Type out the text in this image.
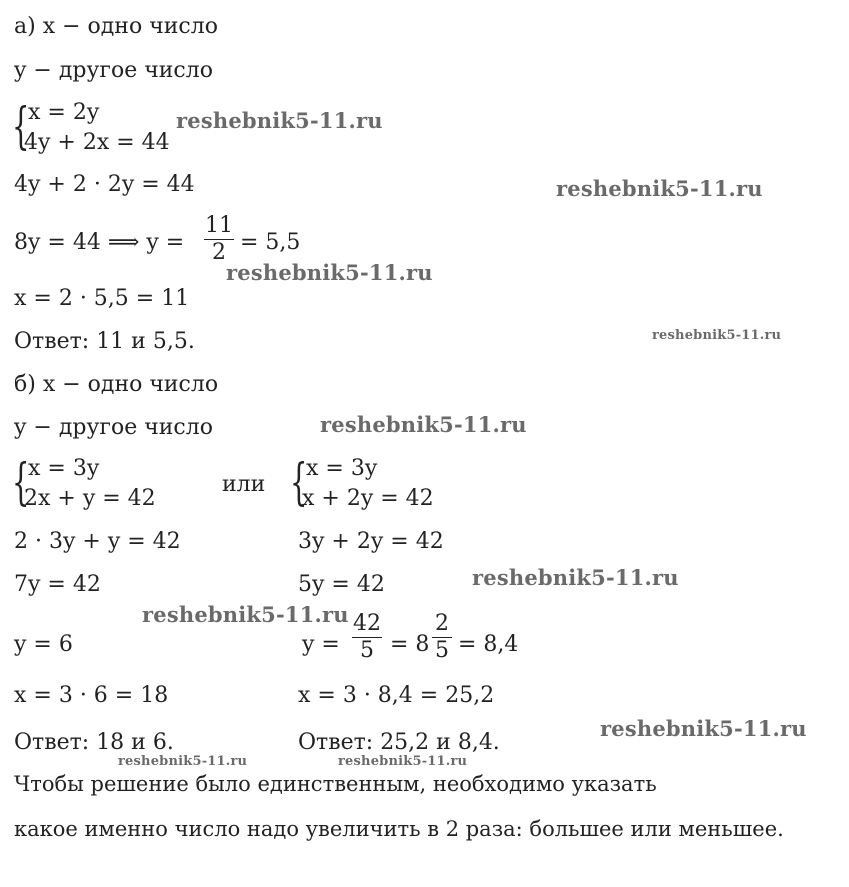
а) x − одно число
y − другое число
{
x = 2y
4y + 2x = 44
4y + 2 · 2y = 44
8y = 44 ⟹ y =
11
2 = 5,5
x = 2 · 5,5 = 11
Ответ: 11 и 5,5.
б) x − одно число
y − другое число
{
x = 3y
2x + y = 42
или {
x = 3y
x + 2y = 42
2 · 3y + y = 42	3y + 2y = 42
7y = 42	5y = 42
y = 6	y =
42
5 = 8
2
5 = 8,4
x = 3 · 6 = 18	x = 3 · 8,4 = 25,2
Ответ: 18 и 6.	Ответ: 25,2 и 8,4.
Чтобы решение было единственным, необходимо указать
какое именно число надо увеличить в 2 раза: большее или меньшее.
reshebnik5-11.ru
reshebnik5-11.ru
reshebnik5-11.ru
reshebnik5-11.ru
reshebnik5-11.ru
reshebnik5-11.ru
reshebnik5-11.ru
reshebnik5-11.ru
reshebnik5-11.ru	reshebnik5-11.ru
